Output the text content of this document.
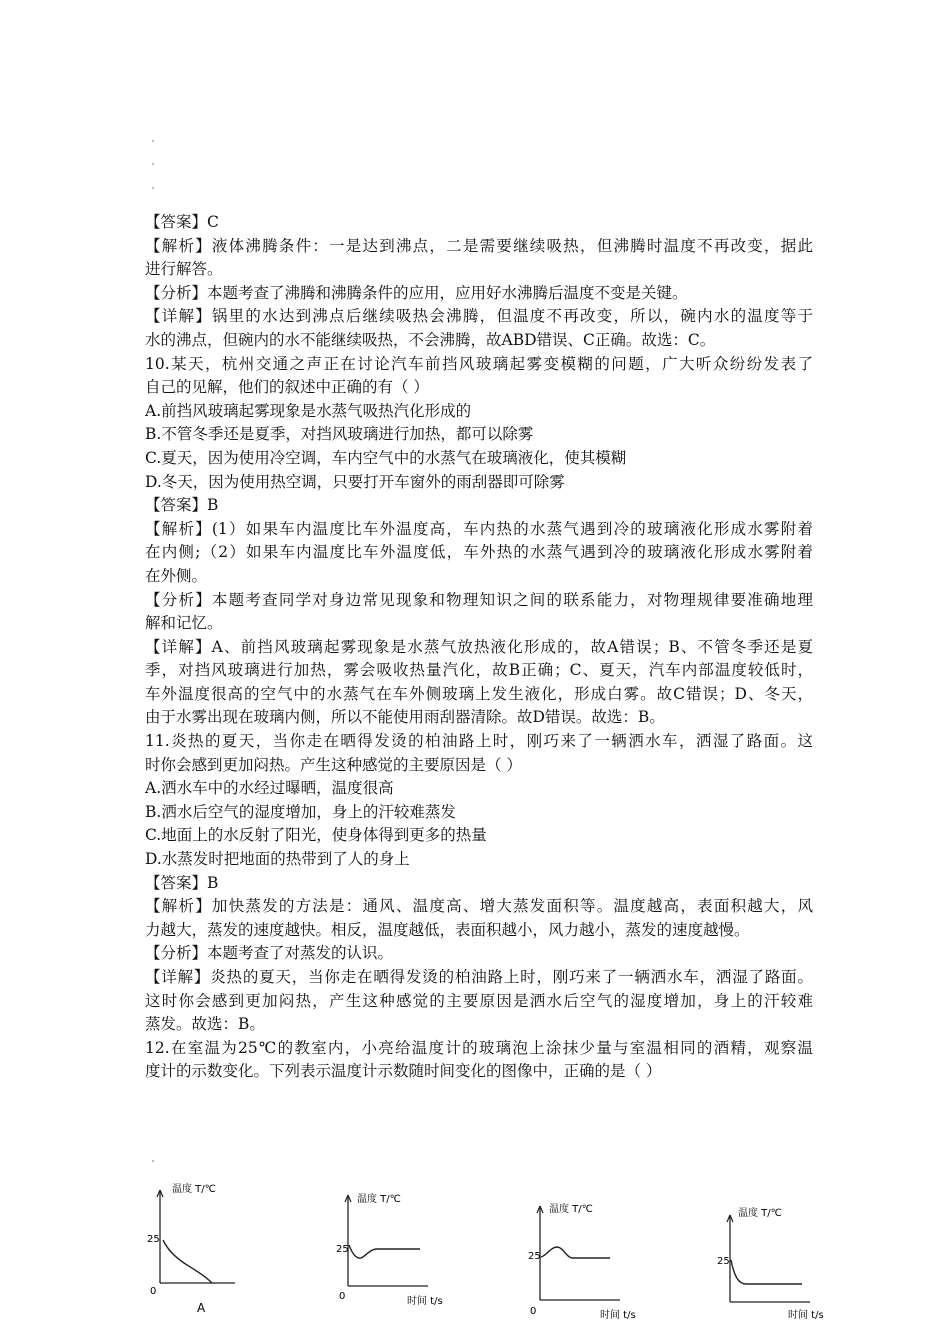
【答案】C
【解析】液体沸腾条件：一是达到沸点，二是需要继续吸热，但沸腾时温度不再改变，据此
进行解答。
【分析】本题考查了沸腾和沸腾条件的应用，应用好水沸腾后温度不变是关键。
【详解】锅里的水达到沸点后继续吸热会沸腾，但温度不再改变，所以，碗内水的温度等于
水的沸点，但碗内的水不能继续吸热，不会沸腾，故ABD错误、C正确。故选：C。
10.某天，杭州交通之声正在讨论汽车前挡风玻璃起雾变模糊的问题，广大听众纷纷发表了
自己的见解，他们的叙述中正确的有（ ）
A.前挡风玻璃起雾现象是水蒸气吸热汽化形成的
B.不管冬季还是夏季，对挡风玻璃进行加热，都可以除雾
C.夏天，因为使用冷空调，车内空气中的水蒸气在玻璃液化，使其模糊
D.冬天，因为使用热空调，只要打开车窗外的雨刮器即可除雾
【答案】B
【解析】(1）如果车内温度比车外温度高，车内热的水蒸气遇到冷的玻璃液化形成水雾附着
在内侧;（2）如果车内温度比车外温度低，车外热的水蒸气遇到冷的玻璃液化形成水雾附着
在外侧。
【分析】本题考查同学对身边常见现象和物理知识之间的联系能力，对物理规律要准确地理
解和记忆。
【详解】A、前挡风玻璃起雾现象是水蒸气放热液化形成的，故A错误；B、不管冬季还是夏
季，对挡风玻璃进行加热，雾会吸收热量汽化，故B正确；C、夏天，汽车内部温度较低时，
车外温度很高的空气中的水蒸气在车外侧玻璃上发生液化，形成白雾。故C错误；D、冬天，
由于水雾出现在玻璃内侧，所以不能使用雨刮器清除。故D错误。故选：B。
11.炎热的夏天，当你走在晒得发烫的柏油路上时，刚巧来了一辆洒水车，洒湿了路面。这
时你会感到更加闷热。产生这种感觉的主要原因是（ ）
A.洒水车中的水经过曝晒，温度很高
B.洒水后空气的湿度增加，身上的汗较难蒸发
C.地面上的水反射了阳光，使身体得到更多的热量
D.水蒸发时把地面的热带到了人的身上
【答案】B
【解析】加快蒸发的方法是：通风、温度高、增大蒸发面积等。温度越高，表面积越大，风
力越大，蒸发的速度越快。相反，温度越低，表面积越小，风力越小，蒸发的速度越慢。
【分析】本题考查了对蒸发的认识。
【详解】炎热的夏天，当你走在晒得发烫的柏油路上时，刚巧来了一辆洒水车，洒湿了路面。
这时你会感到更加闷热，产生这种感觉的主要原因是洒水后空气的湿度增加，身上的汗较难
蒸发。故选：B。
12.在室温为25℃的教室内，小亮给温度计的玻璃泡上涂抹少量与室温相同的酒精，观察温
度计的示数变化。下列表示温度计示数随时间变化的图像中，正确的是（ ）
温度 T/℃
25
0
A
温度 T/℃
25
0	时间 t/s
温度 T/℃
25
0	时间 t/s
温度 T/℃
25
时间 t/s
